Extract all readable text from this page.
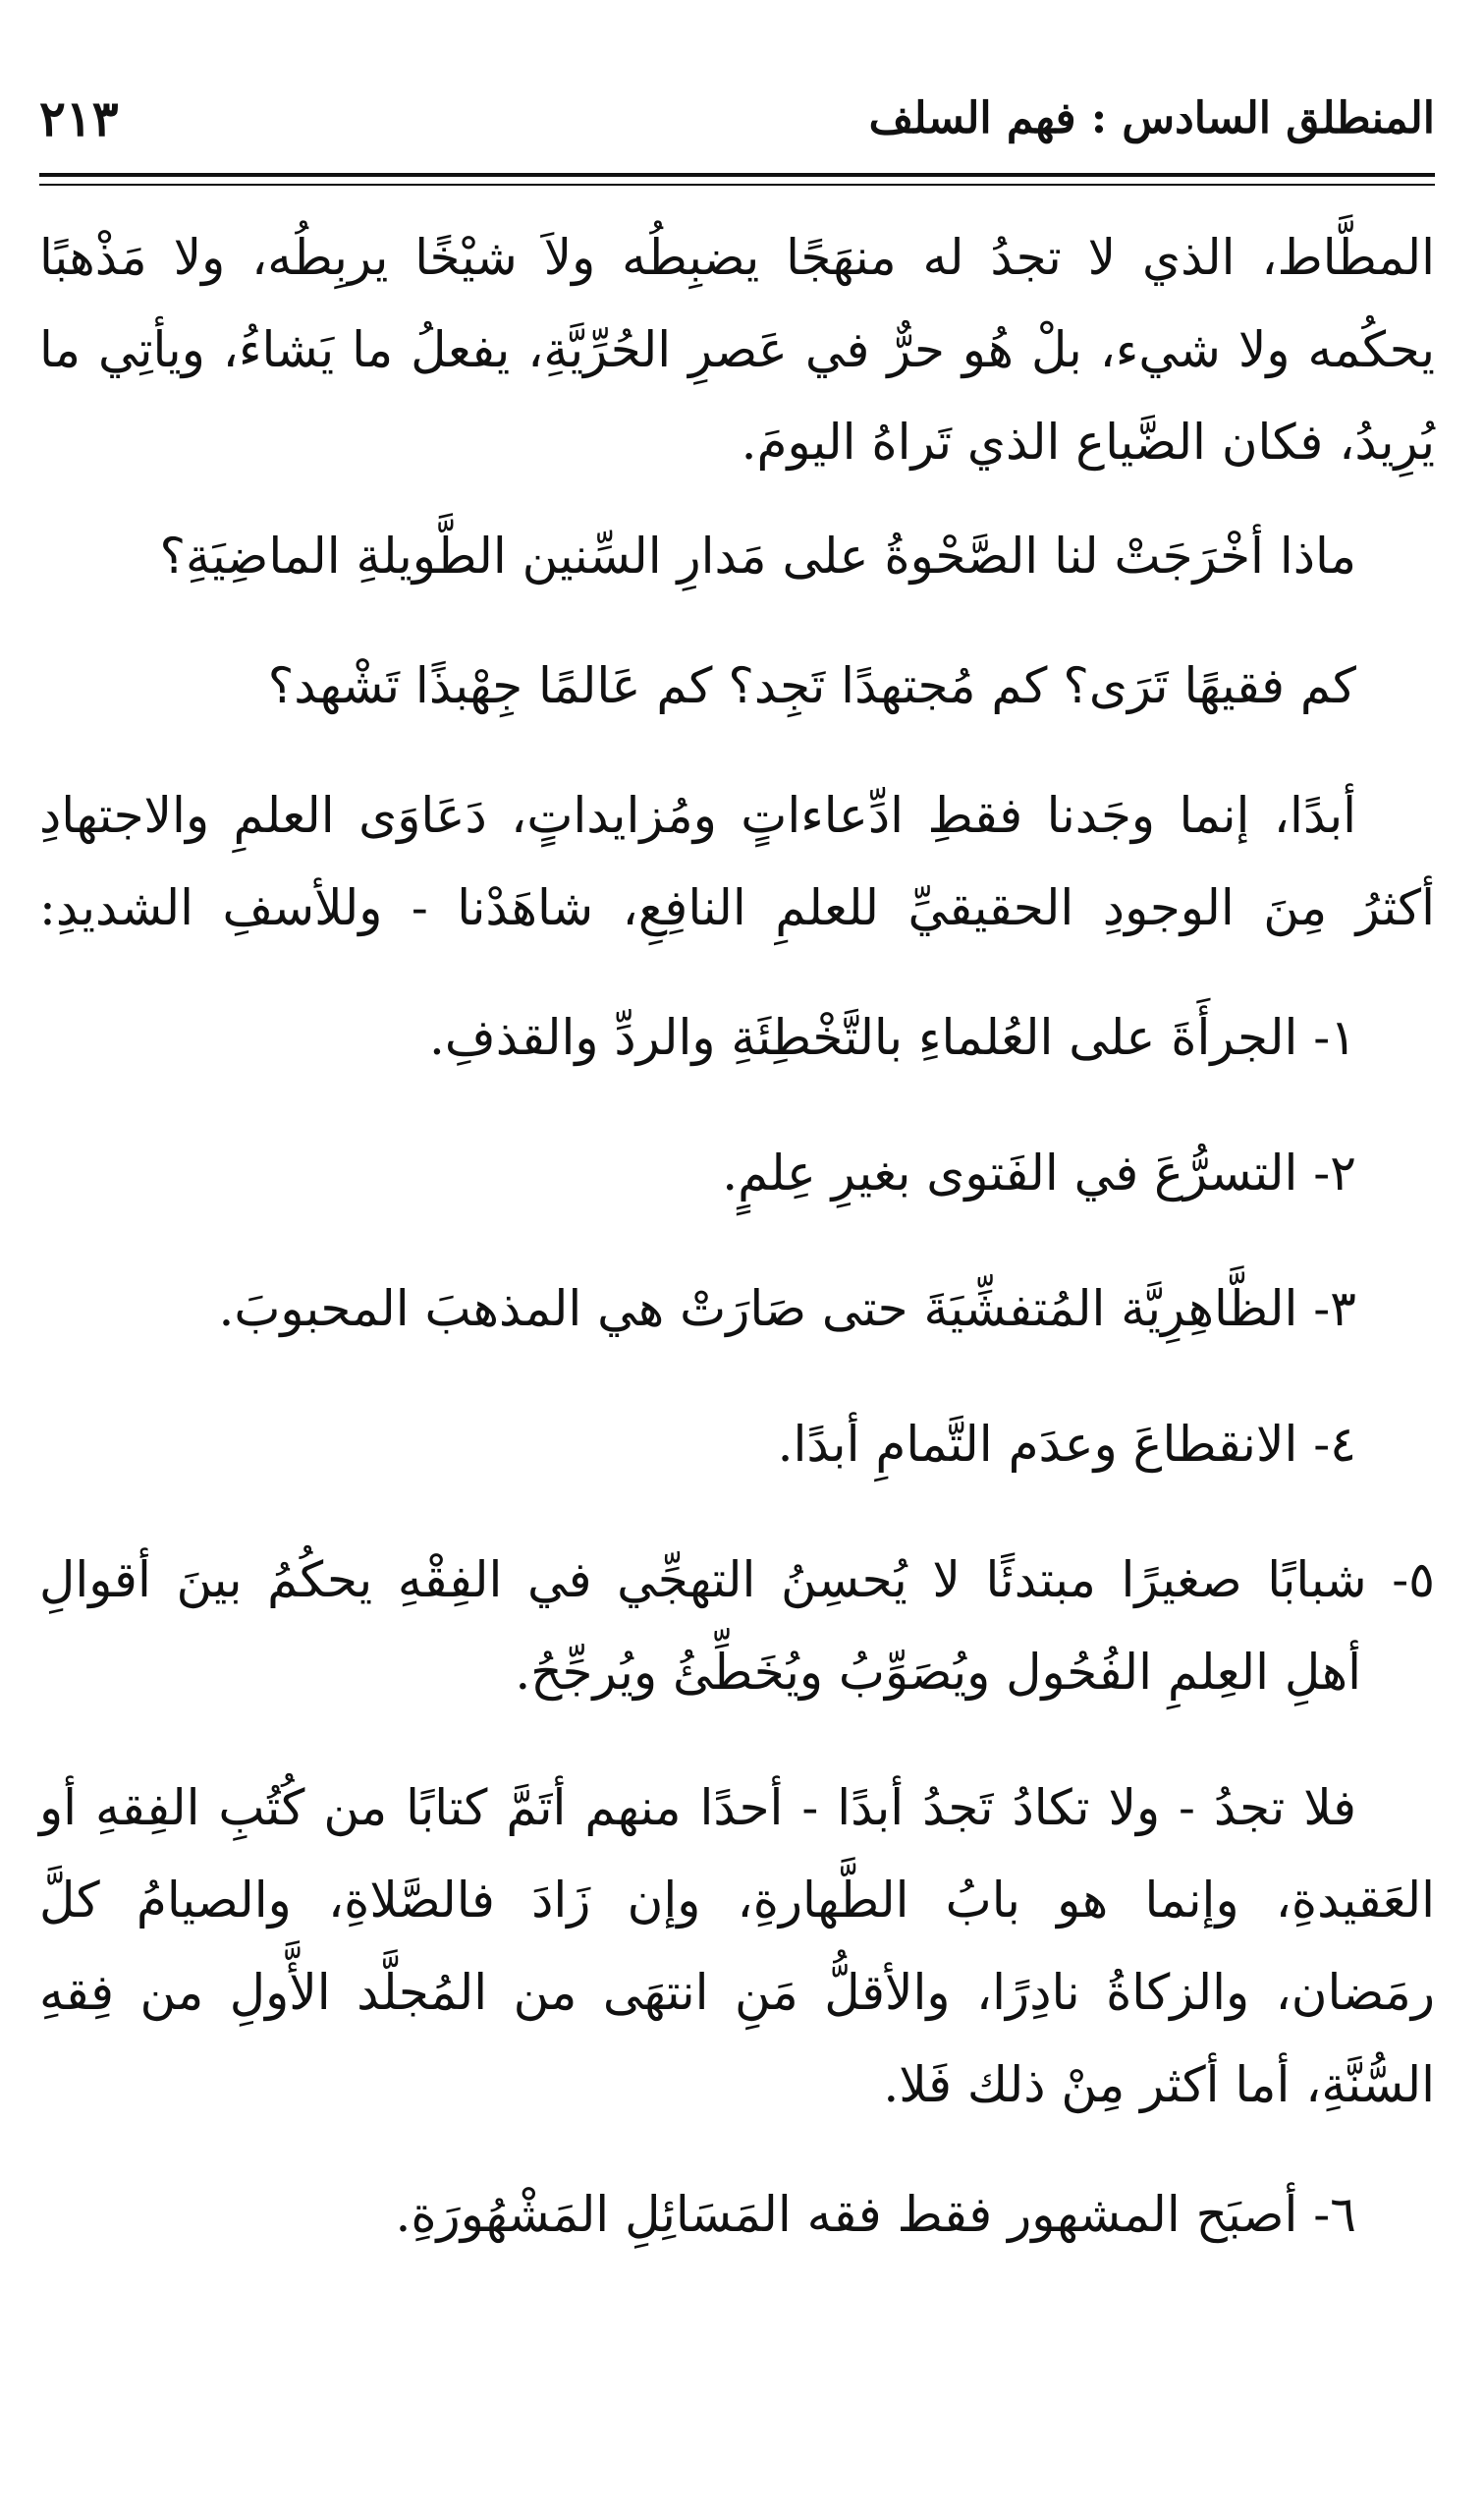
المنطلق السادس : فهم السلف
٢١٣

المطَّاط، الذي لا تجدُ له منهَجًا يضبِطُه ولاَ شيْخًا يربِطُه، ولا مَذْهبًا
يحكُمه ولا شيء، بلْ هُو حرٌّ في عَصرِ الحُرِّيَّةِ، يفعلُ ما يَشاءُ، ويأتِي ما
يُرِيدُ، فكان الضَّياع الذي تَراهُ اليومَ.

ماذا أخْرَجَتْ لنا الصَّحْوةُ على مَدارِ السِّنين الطَّويلةِ الماضِيَةِ؟

كم فقيهًا تَرَى؟ كم مُجتهدًا تَجِد؟ كم عَالمًا جِهْبذًا تَشْهد؟

أبدًا، إنما وجَدنا فقطِ ادِّعاءاتٍ ومُزايداتٍ، دَعَاوَى العلمِ والاجتهادِ
أكثرُ مِنَ الوجودِ الحقيقيِّ للعلمِ النافِعِ، شاهَدْنا - وللأسفِ الشديدِ:

١- الجرأَةَ على العُلماءِ بالتَّخْطِئَةِ والردِّ والقذفِ.

٢- التسرُّعَ في الفَتوى بغيرِ عِلمٍ.

٣- الظَّاهِرِيَّة المُتفشِّيَةَ حتى صَارَتْ هي المذهبَ المحبوبَ.

٤- الانقطاعَ وعدَم التَّمامِ أبدًا.

٥- شبابًا صغيرًا مبتدئًا لا يُحسِنُ التهجِّي في الفِقْهِ يحكُمُ بينَ أقوالِ
أهلِ العِلمِ الفُحُول ويُصَوِّبُ ويُخَطِّئُ ويُرجِّحُ.

فلا تجدُ - ولا تكادُ تَجدُ أبدًا - أحدًا منهم أتَمَّ كتابًا من كُتُبِ الفِقهِ أو
العَقيدةِ، وإنما هو بابُ الطَّهارةِ، وإن زَادَ فالصَّلاةِ، والصيامُ كلَّ
رمَضان، والزكاةُ نادِرًا، والأقلُّ مَنِ انتهَى من المُجلَّد الأَّولِ من فِقهِ
السُّنَّةِ، أما أكثر مِنْ ذلك فَلا.

٦- أصبَح المشهور فقط فقه المَسَائِلِ المَشْهُورَةِ.
